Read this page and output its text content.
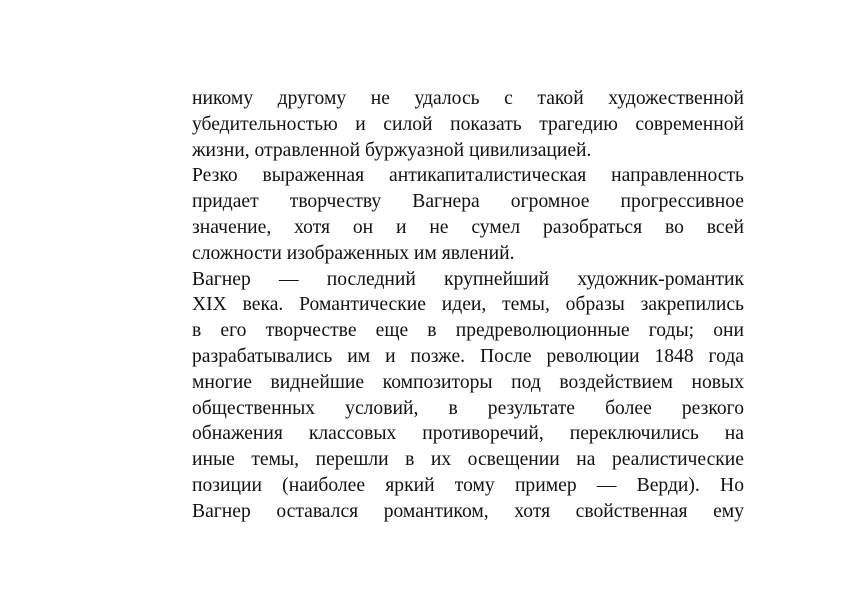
никому другому не удалось с такой художественной
убедительностью и силой показать трагедию современной
жизни, отравленной буржуазной цивилизацией.
Резко выраженная антикапиталистическая направленность
придает творчеству Вагнера огромное прогрессивное
значение, хотя он и не сумел разобраться во всей
сложности изображенных им явлений.
Вагнер — последний крупнейший художник-романтик
XIX века. Романтические идеи, темы, образы закрепились
в его творчестве еще в предреволюционные годы; они
разрабатывались им и позже. После революции 1848 года
многие виднейшие композиторы под воздействием новых
общественных условий, в результате более резкого
обнажения классовых противоречий, переключились на
иные темы, перешли в их освещении на реалистические
позиции (наиболее яркий тому пример — Верди). Но
Вагнер оставался романтиком, хотя свойственная ему
